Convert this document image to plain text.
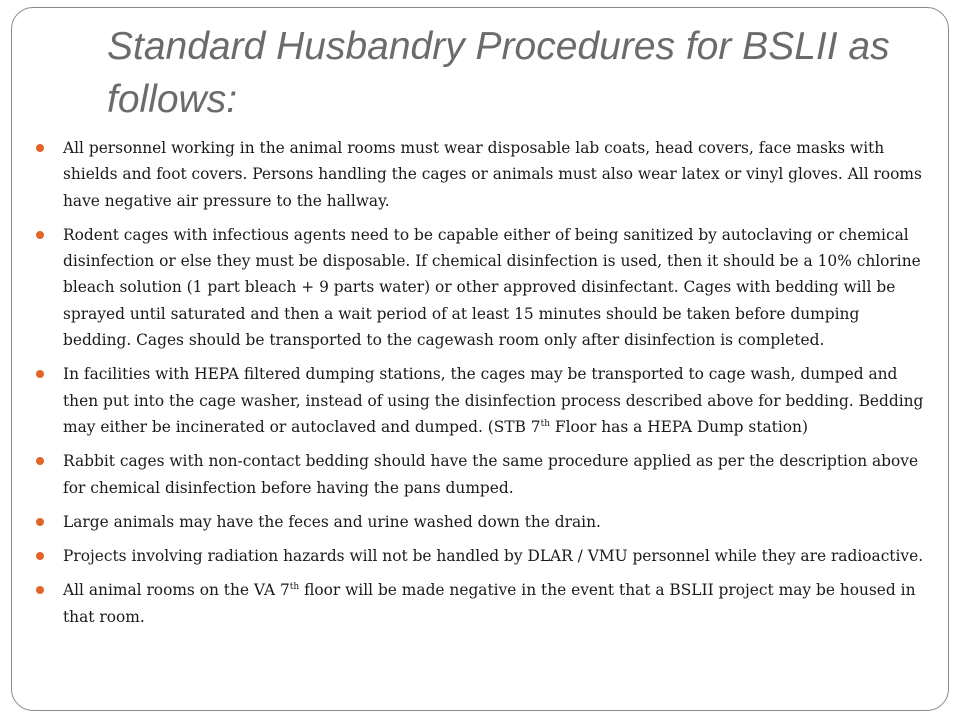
Standard Husbandry Procedures for BSLII as follows:
All personnel working in the animal rooms must wear disposable lab coats, head covers, face masks with shields and foot covers. Persons handling the cages or animals must also wear latex or vinyl gloves. All rooms have negative air pressure to the hallway.
Rodent cages with infectious agents need to be capable either of being sanitized by autoclaving or chemical disinfection or else they must be disposable. If chemical disinfection is used, then it should be a 10% chlorine bleach solution (1 part bleach + 9 parts water) or other approved disinfectant. Cages with bedding will be sprayed until saturated and then a wait period of at least 15 minutes should be taken before dumping bedding. Cages should be transported to the cagewash room only after disinfection is completed.
In facilities with HEPA filtered dumping stations, the cages may be transported to cage wash, dumped and then put into the cage washer, instead of using the disinfection process described above for bedding. Bedding may either be incinerated or autoclaved and dumped. (STB 7th Floor has a HEPA Dump station)
Rabbit cages with non-contact bedding should have the same procedure applied as per the description above for chemical disinfection before having the pans dumped.
Large animals may have the feces and urine washed down the drain.
Projects involving radiation hazards will not be handled by DLAR / VMU personnel while they are radioactive.
All animal rooms on the VA 7th floor will be made negative in the event that a BSLII project may be housed in that room.
